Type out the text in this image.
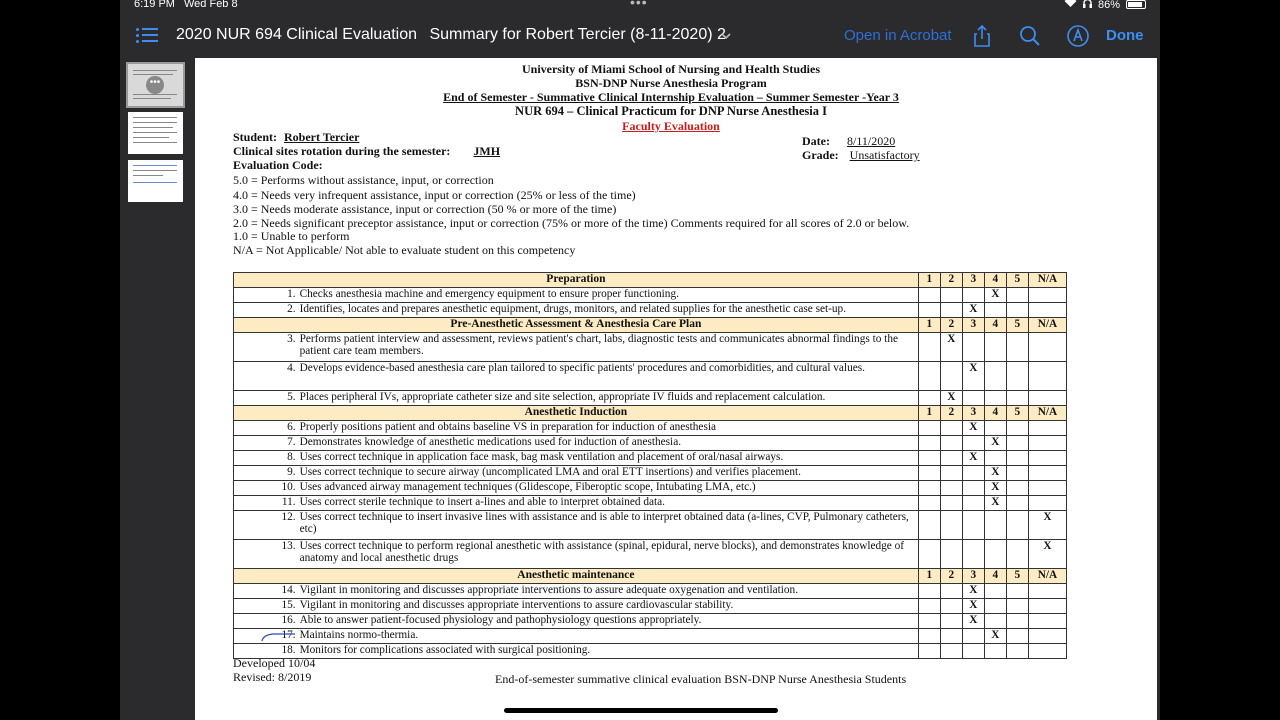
6:19 PM Wed Feb 8	•••	86%
2020 NUR 694 Clinical Evaluation Summary for Robert Tercier (8-11-2020) 2	Open in Acrobat	Done
•••
University of Miami School of Nursing and Health Studies
BSN-DNP Nurse Anesthesia Program
End of Semester - Summative Clinical Internship Evaluation – Summer Semester -Year 3
NUR 694 – Clinical Practicum for DNP Nurse Anesthesia I
Faculty Evaluation
Student: Robert Tercier
Clinical sites rotation during the semester: JMH
Date: 8/11/2020
Grade: Unsatisfactory
Evaluation Code:
5.0 = Performs without assistance, input, or correction
4.0 = Needs very infrequent assistance, input or correction (25% or less of the time)
3.0 = Needs moderate assistance, input or correction (50 % or more of the time)
2.0 = Needs significant preceptor assistance, input or correction (75% or more of the time) Comments required for all scores of 2.0 or below.
1.0 = Unable to perform
N/A = Not Applicable/ Not able to evaluate student on this competency
Preparation		1	2	3	4	5	N/A
1.	Checks anesthesia machine and emergency equipment to ensure proper functioning.				X		
2.	Identifies, locates and prepares anesthetic equipment, drugs, monitors, and related supplies for the anesthetic case set-up.			X			
Pre-Anesthetic Assessment & Anesthesia Care Plan		1	2	3	4	5	N/A
3.	Performs patient interview and assessment, reviews patient's chart, labs, diagnostic tests and communicates abnormal findings to the patient care team members.		X				
4.	Develops evidence-based anesthesia care plan tailored to specific patients' procedures and comorbidities, and cultural values.			X			
5.	Places peripheral IVs, appropriate catheter size and site selection, appropriate IV fluids and replacement calculation.		X				
Anesthetic Induction		1	2	3	4	5	N/A
6.	Properly positions patient and obtains baseline VS in preparation for induction of anesthesia			X			
7.	Demonstrates knowledge of anesthetic medications used for induction of anesthesia.				X		
8.	Uses correct technique in application face mask, bag mask ventilation and placement of oral/nasal airways.			X			
9.	Uses correct technique to secure airway (uncomplicated LMA and oral ETT insertions) and verifies placement.				X		
10.	Uses advanced airway management techniques (Glidescope, Fiberoptic scope, Intubating LMA, etc.)				X		
11.	Uses correct sterile technique to insert a-lines and able to interpret obtained data.				X		
12.	Uses correct technique to insert invasive lines with assistance and is able to interpret obtained data (a-lines, CVP, Pulmonary catheters, etc)						X
13.	Uses correct technique to perform regional anesthetic with assistance (spinal, epidural, nerve blocks), and demonstrates knowledge of anatomy and local anesthetic drugs						X
Anesthetic maintenance		1	2	3	4	5	N/A
14.	Vigilant in monitoring and discusses appropriate interventions to assure adequate oxygenation and ventilation.			X			
15.	Vigilant in monitoring and discusses appropriate interventions to assure cardiovascular stability.			X			
16.	Able to answer patient-focused physiology and pathophysiology questions appropriately.			X			
17.	Maintains normo-thermia.				X		
18.	Monitors for complications associated with surgical positioning.						
Developed 10/04
Revised: 8/2019	End-of-semester summative clinical evaluation BSN-DNP Nurse Anesthesia Students
